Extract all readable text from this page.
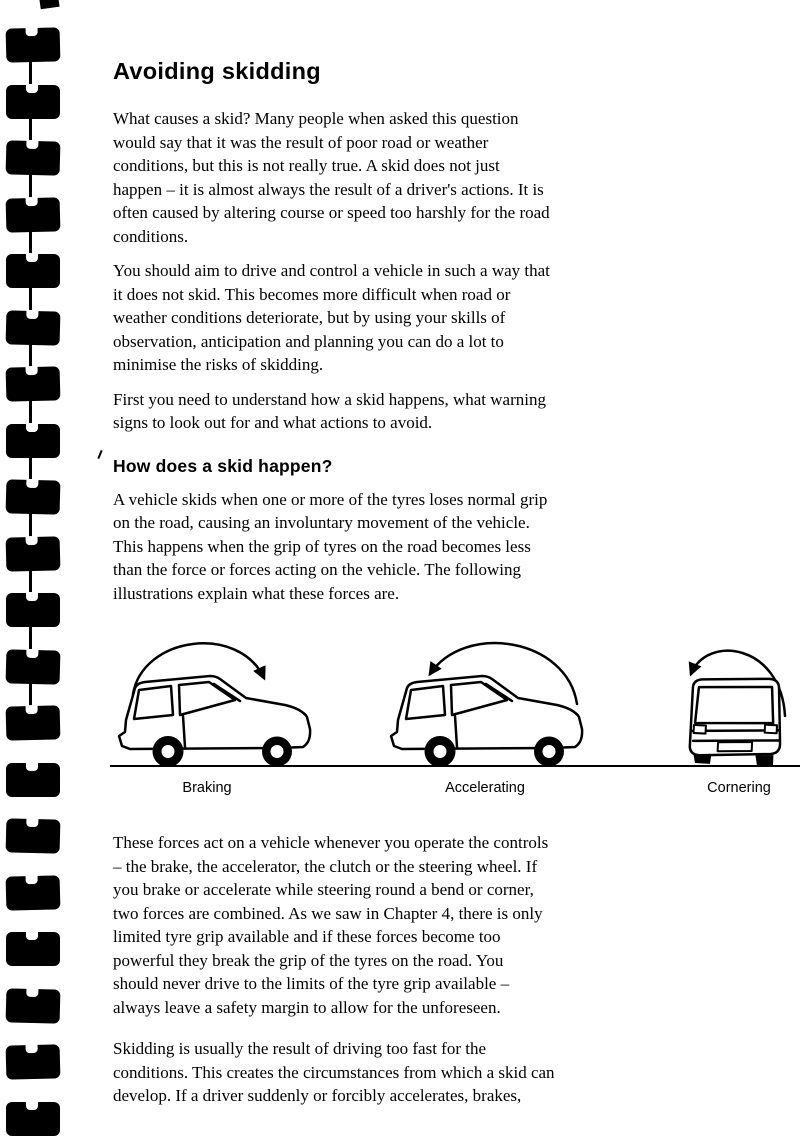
Avoiding skidding
What causes a skid? Many people when asked this question
would say that it was the result of poor road or weather
conditions, but this is not really true. A skid does not just
happen – it is almost always the result of a driver's actions. It is
often caused by altering course or speed too harshly for the road
conditions.
You should aim to drive and control a vehicle in such a way that
it does not skid. This becomes more difficult when road or
weather conditions deteriorate, but by using your skills of
observation, anticipation and planning you can do a lot to
minimise the risks of skidding.
First you need to understand how a skid happens, what warning
signs to look out for and what actions to avoid.
How does a skid happen?
A vehicle skids when one or more of the tyres loses normal grip
on the road, causing an involuntary movement of the vehicle.
This happens when the grip of tyres on the road becomes less
than the force or forces acting on the vehicle. The following
illustrations explain what these forces are.
Braking	Accelerating	Cornering
These forces act on a vehicle whenever you operate the controls
– the brake, the accelerator, the clutch or the steering wheel. If
you brake or accelerate while steering round a bend or corner,
two forces are combined. As we saw in Chapter 4, there is only
limited tyre grip available and if these forces become too
powerful they break the grip of the tyres on the road. You
should never drive to the limits of the tyre grip available –
always leave a safety margin to allow for the unforeseen.
Skidding is usually the result of driving too fast for the
conditions. This creates the circumstances from which a skid can
develop. If a driver suddenly or forcibly accelerates, brakes,
